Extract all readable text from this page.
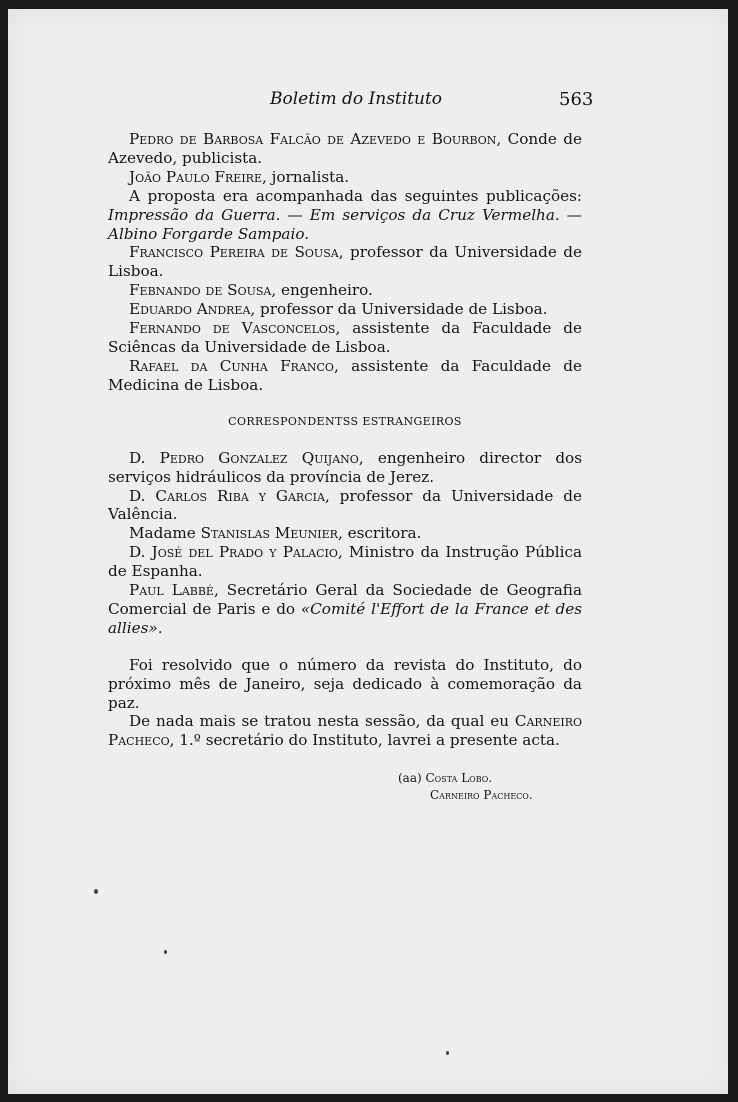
Boletim do Instituto	563

Pedro de Barbosa Falcão de Azevedo e Bourbon, Conde de Azevedo, publicista.

João Paulo Freire, jornalista.

A proposta era acompanhada das seguintes publicações: Impressão da Guerra. — Em serviços da Cruz Vermelha. — Albino Forgarde Sampaio.

Francisco Pereira de Sousa, professor da Universidade de Lisboa.

Febnando de Sousa, engenheiro.

Eduardo Andrea, professor da Universidade de Lisboa.

Fernando de Vasconcelos, assistente da Faculdade de Sciêncas da Universidade de Lisboa.

Rafael da Cunha Franco, assistente da Faculdade de Medicina de Lisboa.

CORRESPONDENTSS ESTRANGEIROS

D. Pedro Gonzalez Quijano, engenheiro director dos serviços hidráulicos da província de Jerez.

D. Carlos Riba y Garcia, professor da Universidade de Valência.

Madame Stanislas Meunier, escritora.

D. José del Prado y Palacio, Ministro da Instrução Pública de Espanha.

Paul Labbé, Secretário Geral da Sociedade de Geografia Comercial de Paris e do «Comité l'Effort de la France et des allies».

Foi resolvido que o número da revista do Instituto, do próximo mês de Janeiro, seja dedicado à comemoração da paz.

De nada mais se tratou nesta sessão, da qual eu Carneiro Pacheco, 1.º secretário do Instituto, lavrei a presente acta.

(aa) Costa Lobo.
Carneiro Pacheco.
